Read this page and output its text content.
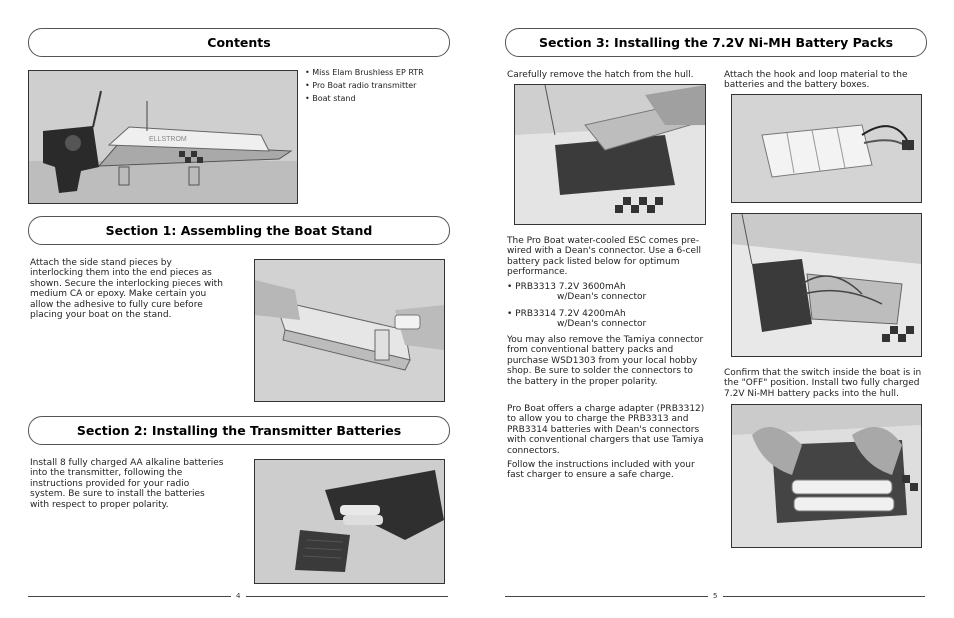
Contents
ELLSTROM
• Miss Elam Brushless EP RTR
• Pro Boat radio transmitter
• Boat stand
Section 1: Assembling the Boat Stand
Attach the side stand pieces by interlocking them into the end pieces as shown. Secure the interlocking pieces with medium CA or epoxy. Make certain you allow the adhesive to fully cure before placing your boat on the stand.
Section 2: Installing the Transmitter Batteries
Install 8 fully charged AA alkaline batteries into the transmitter, following the instructions provided for your radio system. Be sure to install the batteries with respect to proper polarity.
4
Section 3: Installing the 7.2V Ni-MH Battery Packs
Carefully remove the hatch from the hull.
The Pro Boat water-cooled ESC comes pre-wired with a Dean's connector. Use a 6-cell battery pack listed below for optimum performance.

• PRB3313 7.2V 3600mAh

w/Dean's connector

• PRB3314 7.2V 4200mAh

w/Dean's connector

You may also remove the Tamiya connector from conventional battery packs and purchase WSD1303 from your local hobby shop. Be sure to solder the connectors to the battery in the proper polarity.
Pro Boat offers a charge adapter (PRB3312) to allow you to charge the PRB3313 and PRB3314 batteries with Dean's connectors with conventional chargers that use Tamiya connectors.
Follow the instructions included with your fast charger to ensure a safe charge.
Attach the hook and loop material to the batteries and the battery boxes.
Confirm that the switch inside the boat is in the "OFF" position. Install two fully charged 7.2V Ni-MH battery packs into the hull.
5
